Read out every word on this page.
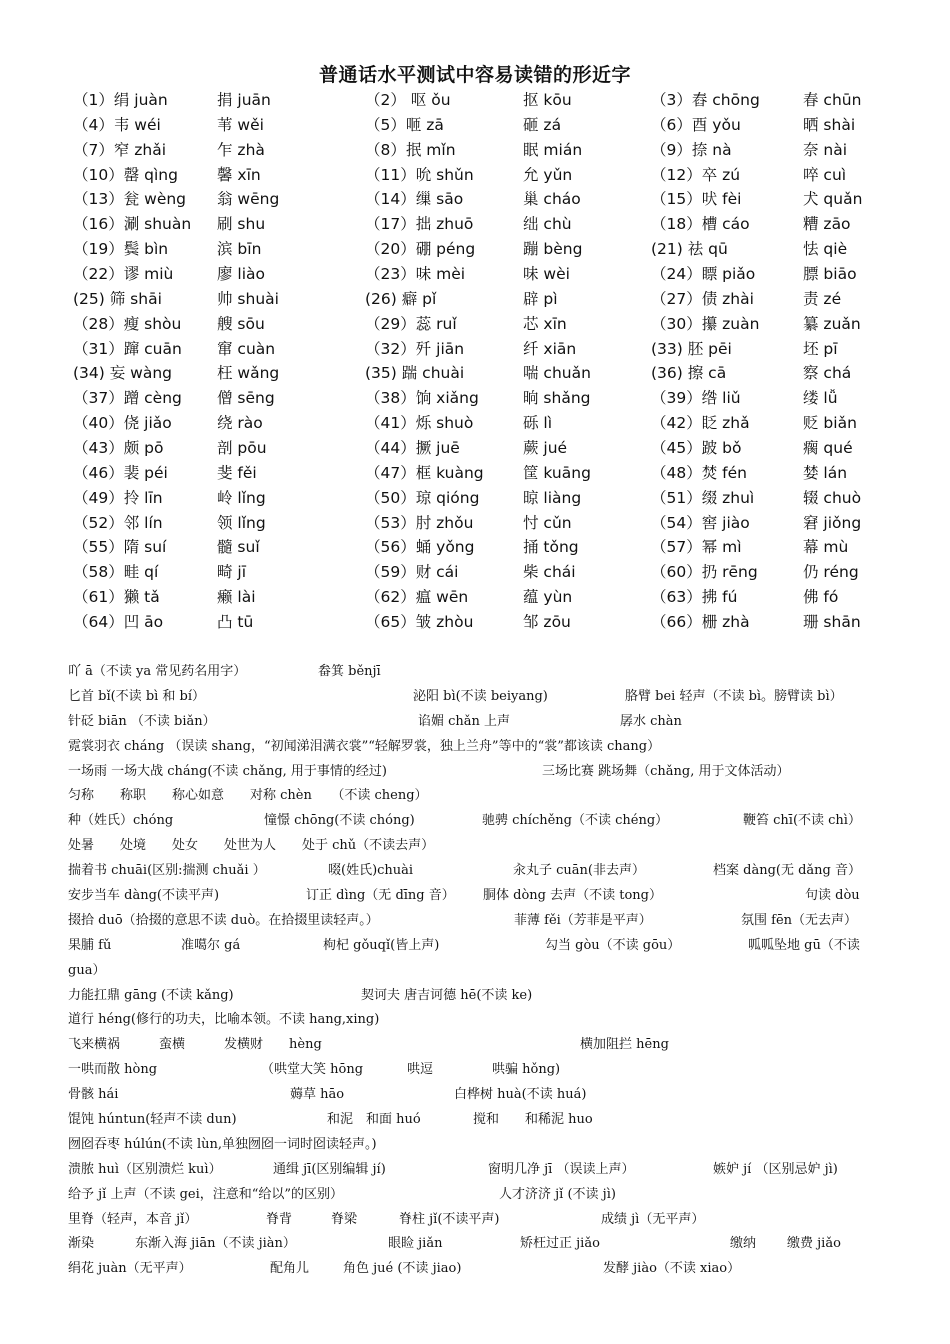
普通话水平测试中容易读错的形近字
（1）绢 juàn	捐 juān	（2） 呕 ǒu	抠 kōu	（3）舂 chōng	春 chūn
（4）韦 wéi	苇 wěi	（5）咂 zā	砸 zá	（6）酉 yǒu	晒 shài
（7）窄 zhǎi	乍 zhà	（8）抿 mǐn	眠 mián	（9）捺 nà	奈 nài
（10）罄 qìng	馨 xīn	（11）吮 shǔn	允 yǔn	（12）卒 zú	啐 cuì
（13）瓮 wèng 翁 wēng	（14）缫 sāo	巢 cháo	（15）吠 fèi	犬 quǎn
（16）涮 shuàn 刷 shu	（17）拙 zhuō	绌 chù	（18）槽 cáo	糟 zāo
（19）鬓 bìn	滨 bīn	（20）硼 péng	蹦 bèng	(21) 祛 qū	怯 qiè
（22）谬 miù	廖 liào	（23）味 mèi	味 wèi	（24）瞟 piǎo	膘 biāo
(25) 筛 shāi	帅 shuài	(26) 癖 pǐ	辟 pì	（27）债 zhài	责 zé
（28）瘦 shòu 艘 sōu	（29）蕊 ruǐ	芯 xīn	（30）攥 zuàn	纂 zuǎn
（31）蹿 cuān 窜 cuàn	（32）歼 jiān	纤 xiān	(33) 胚 pēi	坯 pī
(34) 妄 wàng	枉 wǎng	(35) 踹 chuài	喘 chuǎn	(36) 擦 cā	察 chá
（37）蹭 cèng 僧 sēng	（38）饷 xiǎng	晌 shǎng	（39）绺 liǔ	缕 lǚ
（40）侥 jiǎo	绕 rào	（41）烁 shuò	砾 lì	（42）眨 zhǎ	贬 biǎn
（43）颇 pō	剖 pōu	（44）撅 juē	蕨 jué	（45）跛 bǒ	瘸 qué
（46）裴 péi	斐 fěi	（47）框 kuàng	筐 kuāng	（48）焚 fén	婪 lán
（49）拎 līn	岭 lǐng	（50）琼 qióng	晾 liàng	（51）缀 zhuì	辍 chuò
（52）邻 lín	领 lǐng	（53）肘 zhǒu	忖 cǔn	（54）窖 jiào	窘 jiǒng
（55）隋 suí	髓 suǐ	（56）蛹 yǒng	捅 tǒng	（57）幂 mì	幕 mù
（58）畦 qí	畸 jī	（59）财 cái	柴 chái	（60）扔 rēng	仍 réng
（61）獭 tǎ	癞 lài	（62）瘟 wēn	蕴 yùn	（63）拂 fú	佛 fó
（64）凹 āo	凸 tū	（65）皱 zhòu	邹 zōu	（66）栅 zhà	珊 shān
吖 ā（不读 ya 常见药名用字）	畚箕 běnjī
匕首 bǐ(不读 bì 和 bí）	泌阳 bì(不读 beiyang)	胳臂 bei 轻声（不读 bì。膀臂读 bì）
针砭 biān （不读 biǎn）	谄媚 chǎn 上声	孱水 chàn
霓裳羽衣 cháng （误读 shang，“初闻涕泪满衣裳”“轻解罗裳，独上兰舟”等中的“裳”都该读 chang）
一场雨 一场大战 cháng(不读 chǎng, 用于事情的经过)	三场比赛 跳场舞（chǎng, 用于文体活动）
匀称　　称职　　称心如意　　对称 chèn　　（不读 cheng）
种（姓氏）chóng	憧憬 chōng(不读 chóng)	驰骋 chíchěng（不读 chéng）	鞭笞 chī(不读 chì）
处暑　　处境　　处女　　处世为人　　处于 chǔ（不读去声）
揣着书 chuāi(区别:揣测 chuǎi ）	啜(姓氏)chuài	汆丸子 cuān(非去声）	档案 dàng(无 dǎng 音）
安步当车 dàng(不读平声)	订正 dìng（无 dīng 音） 胴体 dòng 去声（不读 tong）	句读 dòu
掇拾 duō（拾掇的意思不读 duò。在拾掇里读轻声。）	菲薄 fěi（芳菲是平声）	氛围 fēn（无去声）
果脯 fǔ	准噶尔 gá	枸杞 gǒuqǐ(皆上声)	勾当 gòu（不读 gōu）	呱呱坠地 gū（不读
gua）
力能扛鼎 gāng (不读 kǎng)	契诃夫 唐吉诃德 hē(不读 ke)
道行 héng(修行的功夫，比喻本领。不读 hang,xing)
飞来横祸　　　蛮横　　　发横财　　hèng	横加阻拦 hēng
一哄而散 hòng	（哄堂大笑 hōng	哄逗	哄骗 hǒng)
骨骸 hái	薅草 hāo	白桦树 huà(不读 huá)
馄饨 húntun(轻声不读 dun)	和泥　和面 huó	搅和　　和稀泥 huo
囫囵吞枣 húlún(不读 lùn,单独囫囵一词时囵读轻声。)
溃脓 huì（区别溃烂 kuì）	通缉 jī(区别编辑 jí)	窗明几净 jī （误读上声）	嫉妒 jí （区别忌妒 jì)
给予 jǐ 上声（不读 gei，注意和“给以”的区别）	人才济济 jǐ (不读 jì)
里脊（轻声，本音 jǐ）	脊背	脊梁	脊柱 jǐ(不读平声)	成绩 jì（无平声）
渐染	东渐入海 jiān（不读 jiàn）	眼睑 jiǎn	矫枉过正 jiǎo	缴纳 缴费 jiǎo
绢花 juàn（无平声）	配角儿	角色 jué (不读 jiao)	发酵 jiào（不读 xiao）
